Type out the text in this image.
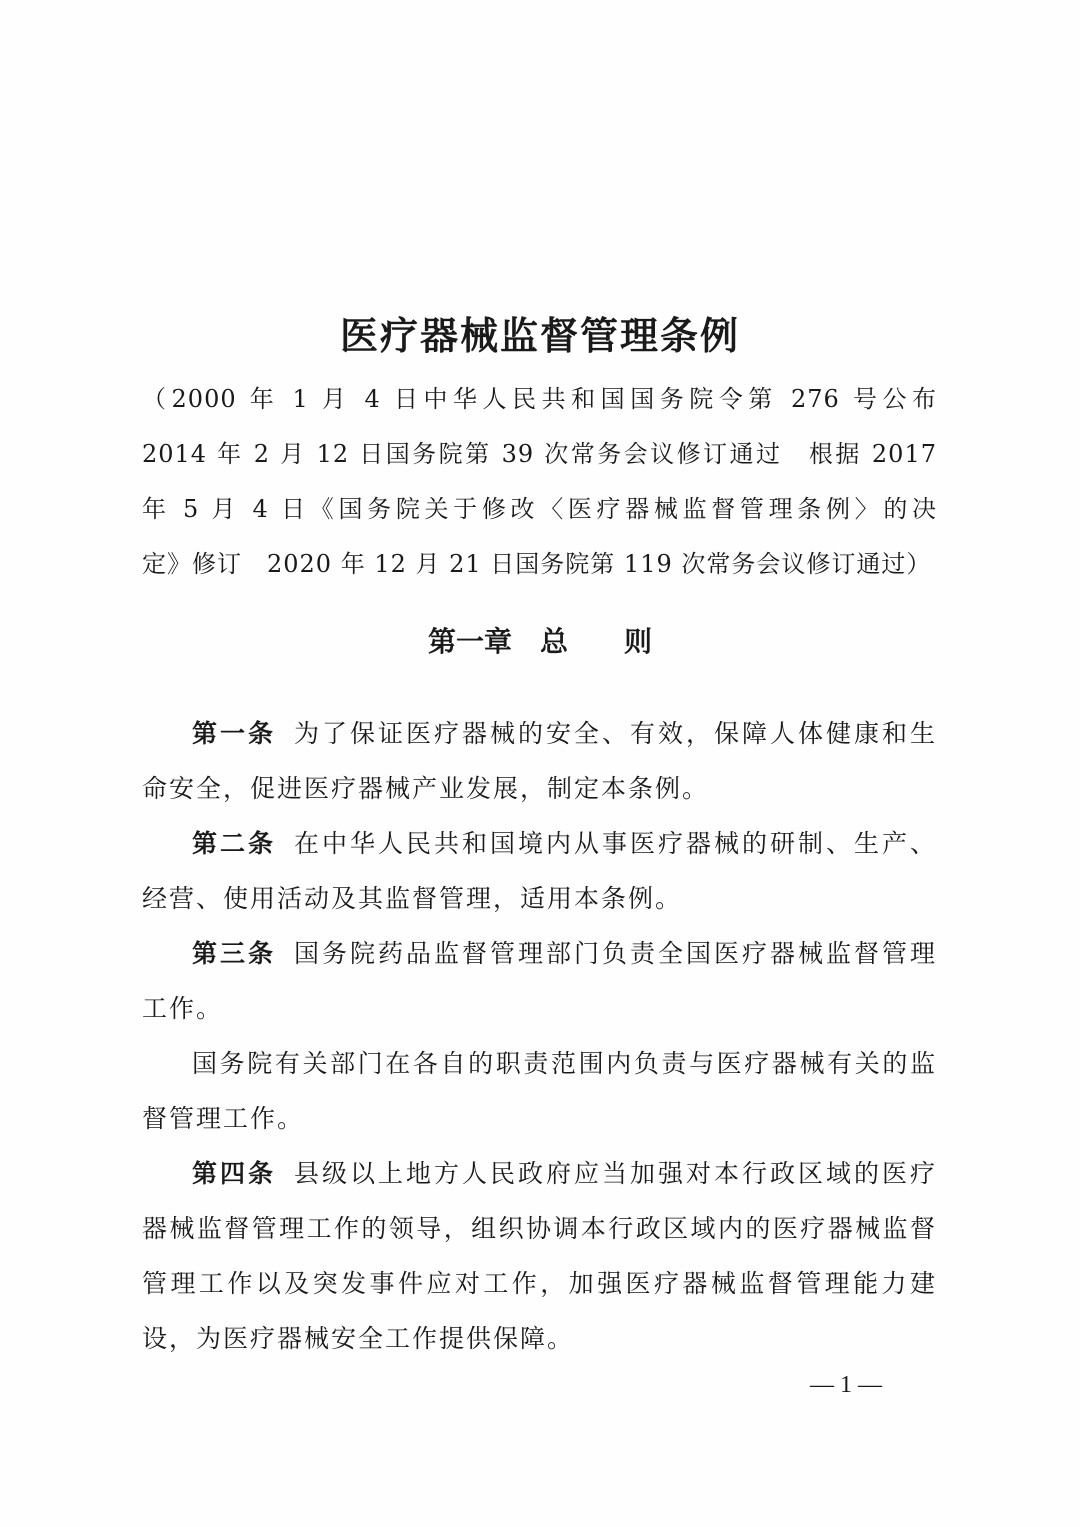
医疗器械监督管理条例
（2000 年 1 月 4 日中华人民共和国国务院令第 276 号公布
2014 年 2 月 12 日国务院第 39 次常务会议修订通过　根据 2017
年 5 月 4 日《国务院关于修改〈医疗器械监督管理条例〉的决
定》修订　2020 年 12 月 21 日国务院第 119 次常务会议修订通过）
第一章　总　　则

第一条 为了保证医疗器械的安全、有效，保障人体健康和生命安全，促进医疗器械产业发展，制定本条例。

第二条 在中华人民共和国境内从事医疗器械的研制、生产、经营、使用活动及其监督管理，适用本条例。

第三条 国务院药品监督管理部门负责全国医疗器械监督管理工作。

国务院有关部门在各自的职责范围内负责与医疗器械有关的监督管理工作。

第四条 县级以上地方人民政府应当加强对本行政区域的医疗器械监督管理工作的领导，组织协调本行政区域内的医疗器械监督管理工作以及突发事件应对工作，加强医疗器械监督管理能力建设，为医疗器械安全工作提供保障。

— 1 —
